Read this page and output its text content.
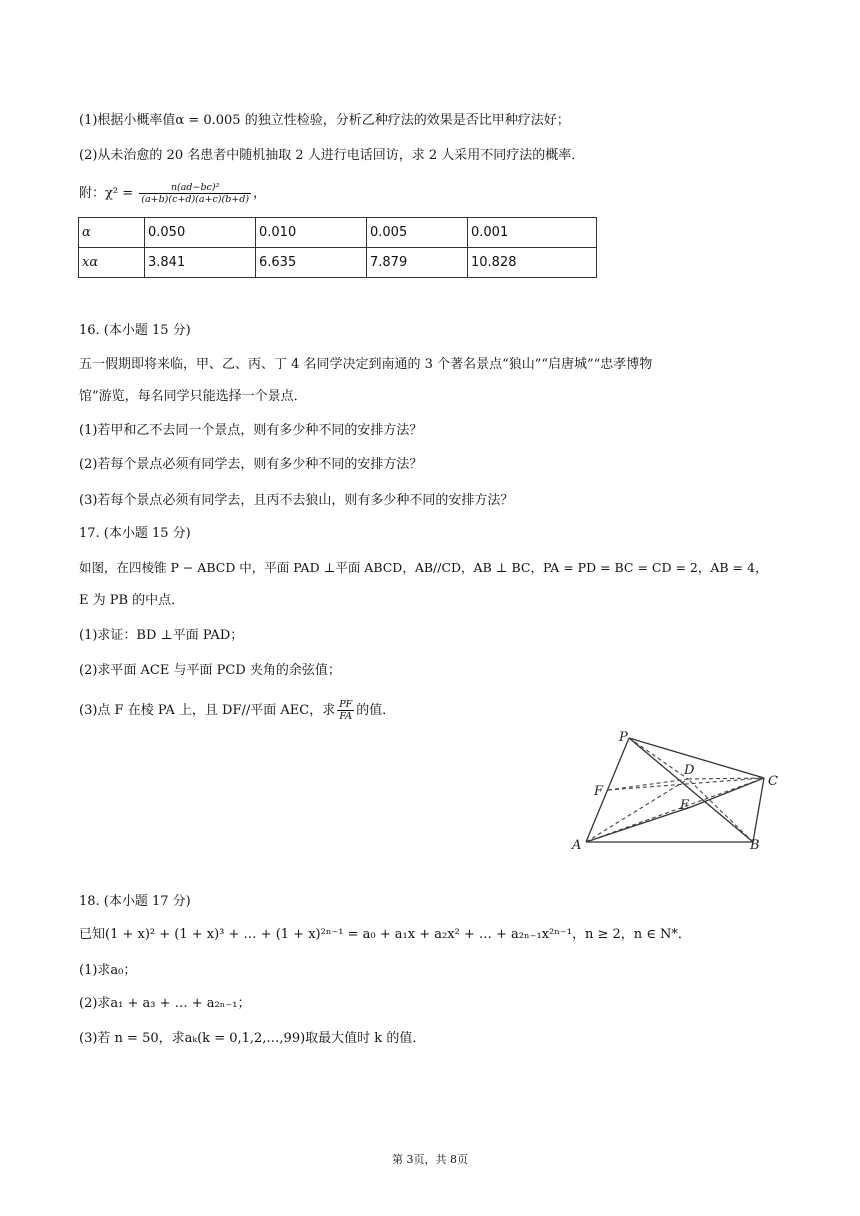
(1)根据小概率值α = 0.005 的独立性检验，分析乙种疗法的效果是否比甲种疗法好；
(2)从未治愈的 20 名患者中随机抽取 2 人进行电话回访，求 2 人采用不同疗法的概率．
附：$\chi^2 = \frac{\text{n(ad−bc)²}}{(a+b)(c+d)(a+c)(b+d)}$ ，
α	0.050	0.010	0.005	0.001
xα	3.841	6.635	7.879	10.828
16. (本小题 15 分)
五一假期即将来临，甲、乙、丙、丁 4 名同学决定到南通的 3 个著名景点“狼山”“启唐城”“忠孝博物
馆”游览，每名同学只能选择一个景点．
(1)若甲和乙不去同一个景点，则有多少种不同的安排方法？
(2)若每个景点必须有同学去，则有多少种不同的安排方法？
(3)若每个景点必须有同学去，且丙不去狼山，则有多少种不同的安排方法？
17. (本小题 15 分)
如图，在四棱锥 P − ABCD 中，平面 PAD ⊥平面 ABCD，AB//CD，AB ⊥ BC，PA = PD = BC = CD = 2，AB = 4，
E 为 PB 的中点．
(1)求证：BD ⊥平面 PAD；
(2)求平面 ACE 与平面 PCD 夹角的余弦值；
(3)点 F 在棱 PA 上，且 DF//平面 AEC，求 $\frac{PF}{FA}$ 的值．
P
D
C
F
E
A	B
18. (本小题 17 分)
已知(1 + x)² + (1 + x)³ + … + (1 + x)²ⁿ⁻¹ = a₀ + a₁x + a₂x² + … + a₂ₙ₋₁x²ⁿ⁻¹，n ≥ 2，n ∈ N*．
(1)求a₀；
(2)求a₁ + a₃ + … + a₂ₙ₋₁；
(3)若 n = 50，求aₖ(k = 0,1,2,…,99)取最大值时 k 的值．
第 3页，共 8页
